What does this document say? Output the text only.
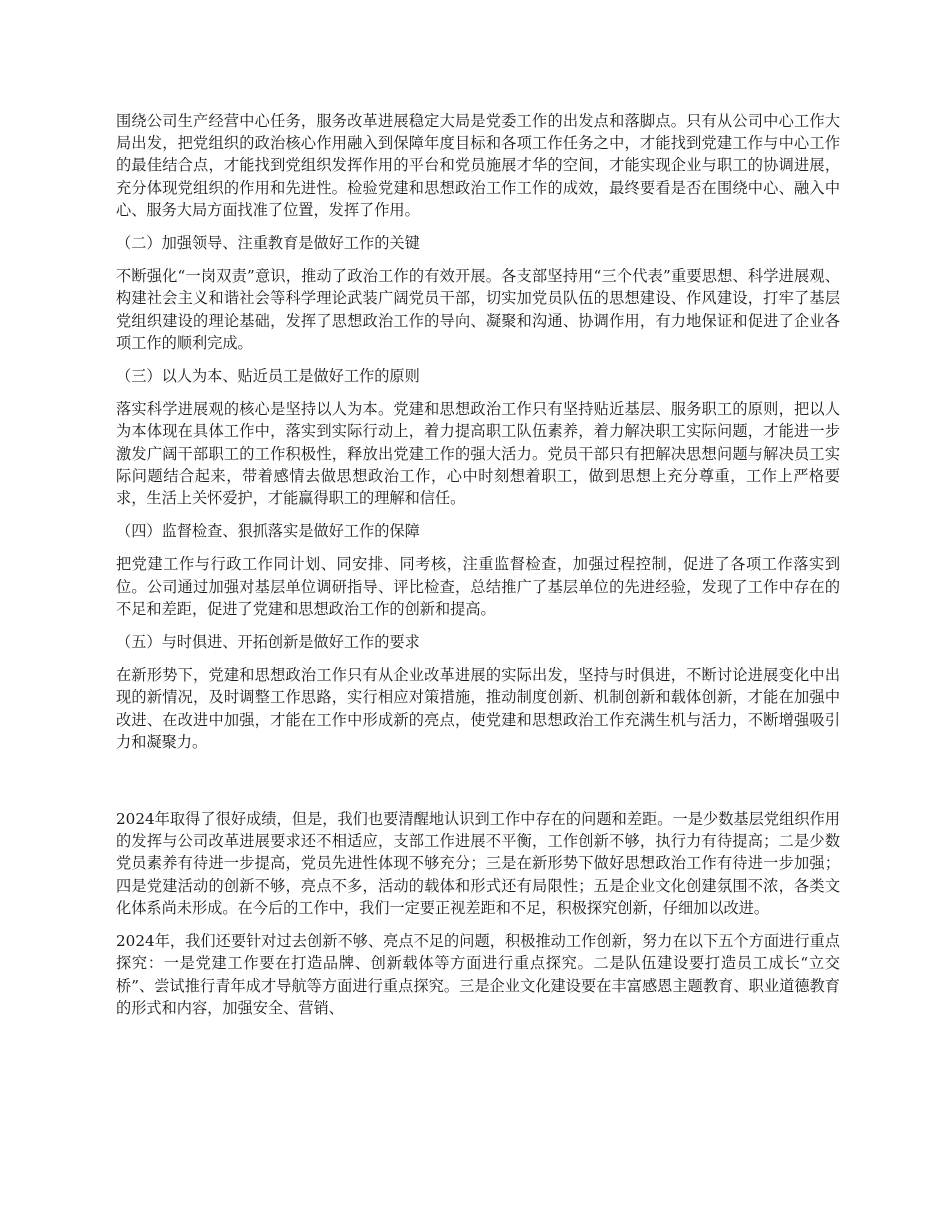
围绕公司生产经营中心任务，服务改革进展稳定大局是党委工作的出发点和落脚点。只有从公司中心工作大局出发，把党组织的政治核心作用融入到保障年度目标和各项工作任务之中，才能找到党建工作与中心工作的最佳结合点，才能找到党组织发挥作用的平台和党员施展才华的空间，才能实现企业与职工的协调进展，充分体现党组织的作用和先进性。检验党建和思想政治工作工作的成效，最终要看是否在围绕中心、融入中心、服务大局方面找准了位置，发挥了作用。

（二）加强领导、注重教育是做好工作的关键

不断强化“一岗双责”意识，推动了政治工作的有效开展。各支部坚持用“三个代表”重要思想、科学进展观、构建社会主义和谐社会等科学理论武装广阔党员干部，切实加党员队伍的思想建设、作风建设，打牢了基层党组织建设的理论基础，发挥了思想政治工作的导向、凝聚和沟通、协调作用，有力地保证和促进了企业各项工作的顺利完成。

（三）以人为本、贴近员工是做好工作的原则

落实科学进展观的核心是坚持以人为本。党建和思想政治工作只有坚持贴近基层、服务职工的原则，把以人为本体现在具体工作中，落实到实际行动上，着力提高职工队伍素养，着力解决职工实际问题，才能进一步激发广阔干部职工的工作积极性，释放出党建工作的强大活力。党员干部只有把解决思想问题与解决员工实际问题结合起来，带着感情去做思想政治工作，心中时刻想着职工，做到思想上充分尊重，工作上严格要求，生活上关怀爱护，才能赢得职工的理解和信任。

（四）监督检查、狠抓落实是做好工作的保障

把党建工作与行政工作同计划、同安排、同考核，注重监督检查，加强过程控制，促进了各项工作落实到位。公司通过加强对基层单位调研指导、评比检查，总结推广了基层单位的先进经验，发现了工作中存在的不足和差距，促进了党建和思想政治工作的创新和提高。

（五）与时俱进、开拓创新是做好工作的要求

在新形势下，党建和思想政治工作只有从企业改革进展的实际出发，坚持与时俱进，不断讨论进展变化中出现的新情况，及时调整工作思路，实行相应对策措施，推动制度创新、机制创新和载体创新，才能在加强中改进、在改进中加强，才能在工作中形成新的亮点，使党建和思想政治工作充满生机与活力，不断增强吸引力和凝聚力。

2024年取得了很好成绩，但是，我们也要清醒地认识到工作中存在的问题和差距。一是少数基层党组织作用的发挥与公司改革进展要求还不相适应，支部工作进展不平衡，工作创新不够，执行力有待提高；二是少数党员素养有待进一步提高，党员先进性体现不够充分；三是在新形势下做好思想政治工作有待进一步加强；四是党建活动的创新不够，亮点不多，活动的载体和形式还有局限性；五是企业文化创建氛围不浓，各类文化体系尚未形成。在今后的工作中，我们一定要正视差距和不足，积极探究创新，仔细加以改进。

2024年，我们还要针对过去创新不够、亮点不足的问题，积极推动工作创新，努力在以下五个方面进行重点探究：一是党建工作要在打造品牌、创新载体等方面进行重点探究。二是队伍建设要打造员工成长“立交桥”、尝试推行青年成才导航等方面进行重点探究。三是企业文化建设要在丰富感恩主题教育、职业道德教育的形式和内容，加强安全、营销、
